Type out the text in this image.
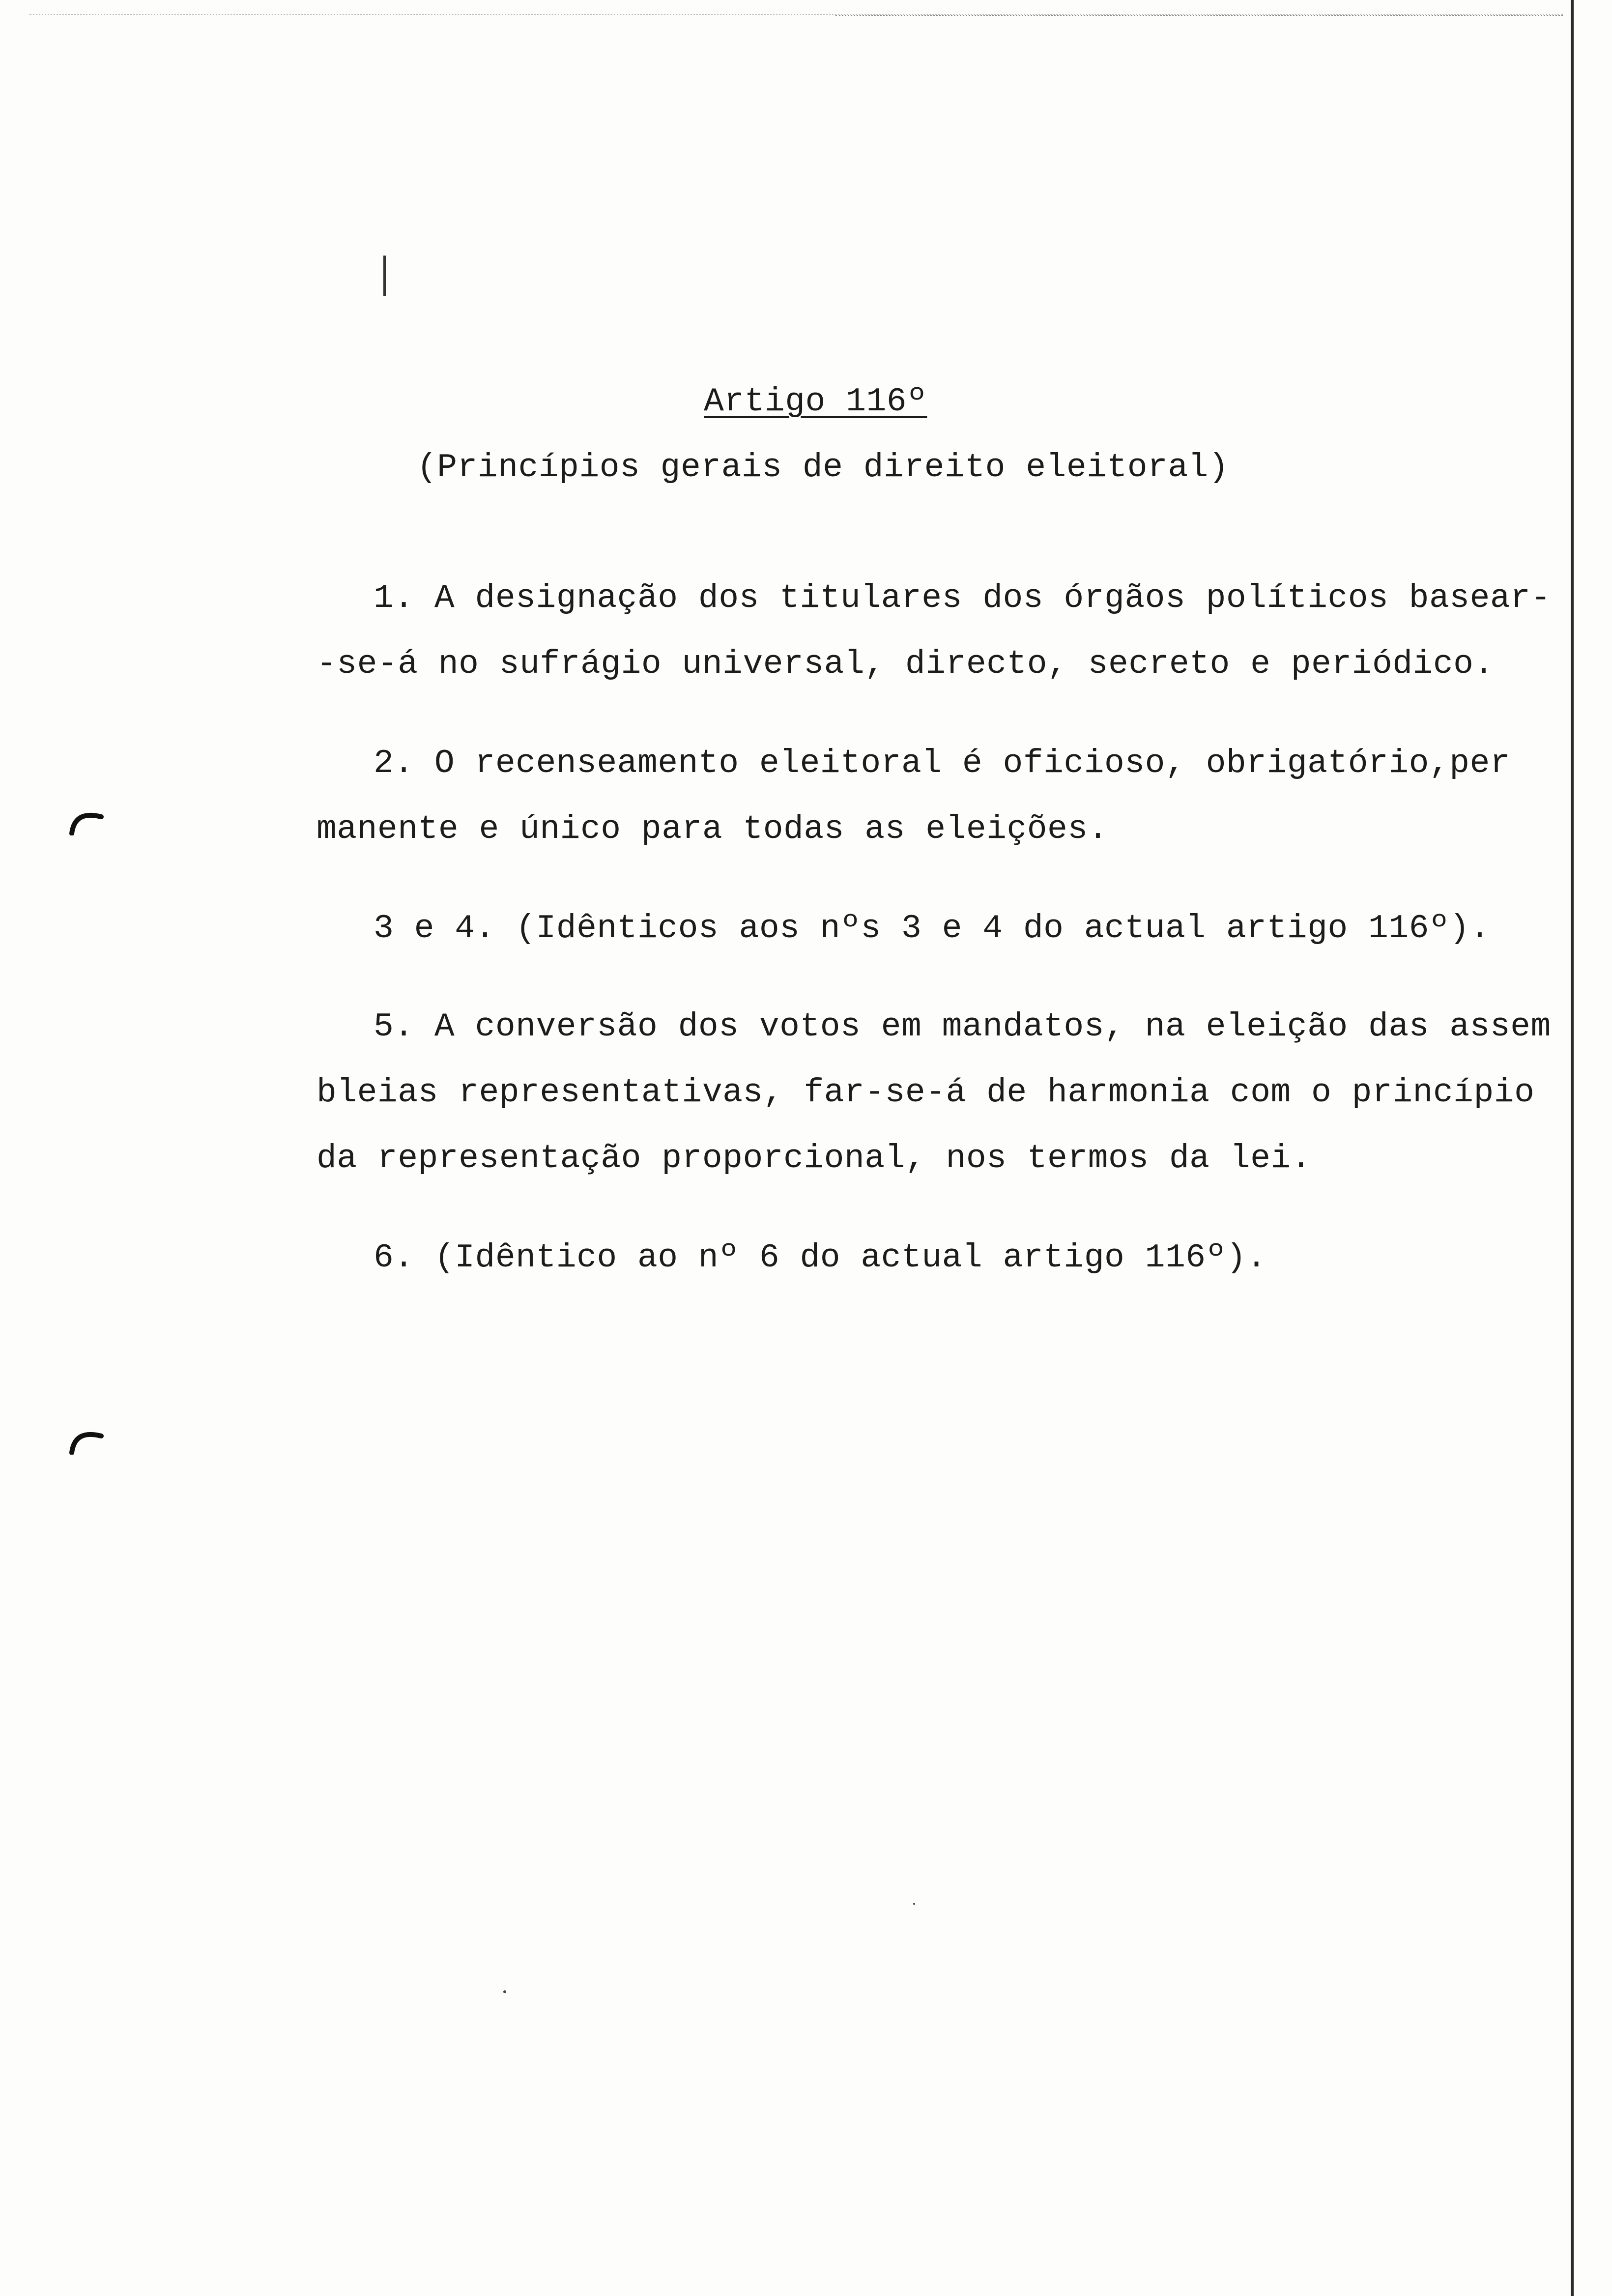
Artigo 116º
(Princípios gerais de direito eleitoral)
1. A designação dos titulares dos órgãos políticos basear-
-se-á no sufrágio universal, directo, secreto e periódico.
2. O recenseamento eleitoral é oficioso, obrigatório,per
manente e único para todas as eleições.
3 e 4. (Idênticos aos nºs 3 e 4 do actual artigo 116º).
5. A conversão dos votos em mandatos, na eleição das assem
bleias representativas, far-se-á de harmonia com o princípio
da representação proporcional, nos termos da lei.
6. (Idêntico ao nº 6 do actual artigo 116º).
